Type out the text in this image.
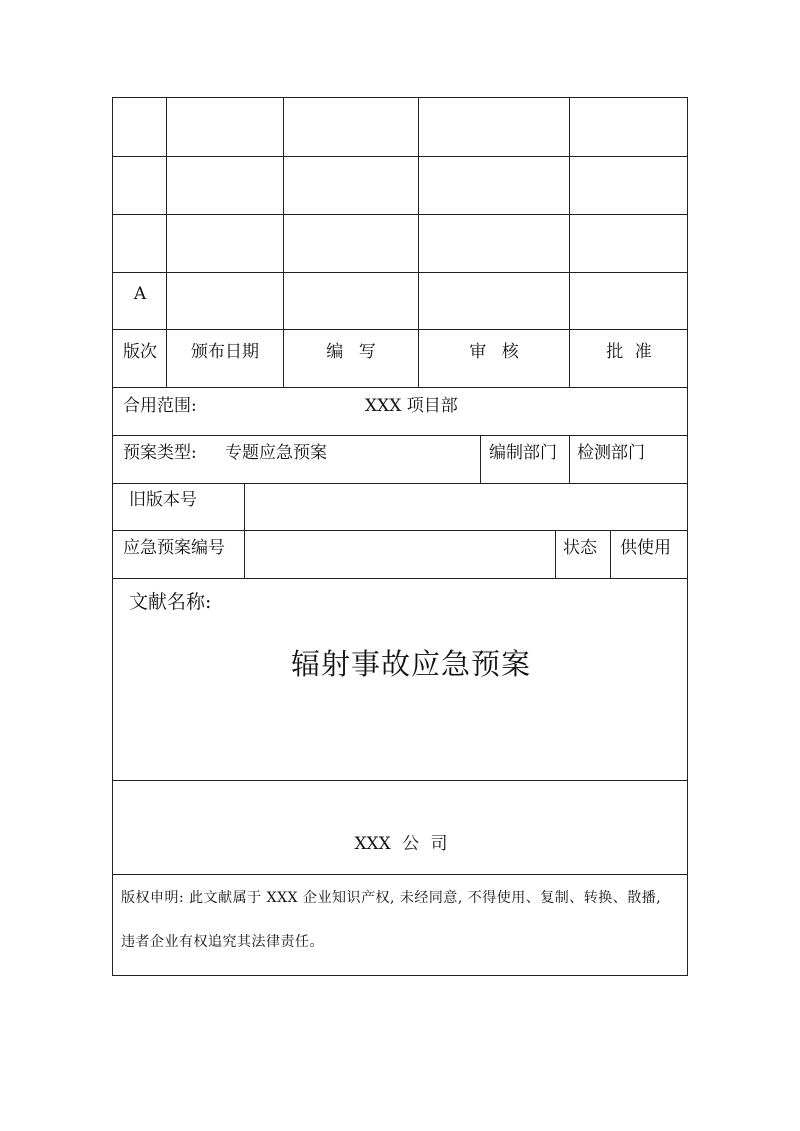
A
版次 颁布日期	编 写	审 核	批 准
合用范围:	XXX 项目部
预案类型: 专题应急预案	编制部门 检测部门
旧版本号
应急预案编号	状态 供使用
文献名称:
辐射事故应急预案
XXX 公 司
版权申明: 此文献属于 XXX 企业知识产权, 未经同意, 不得使用、复制、转换、散播,
违者企业有权追究其法律责任。
